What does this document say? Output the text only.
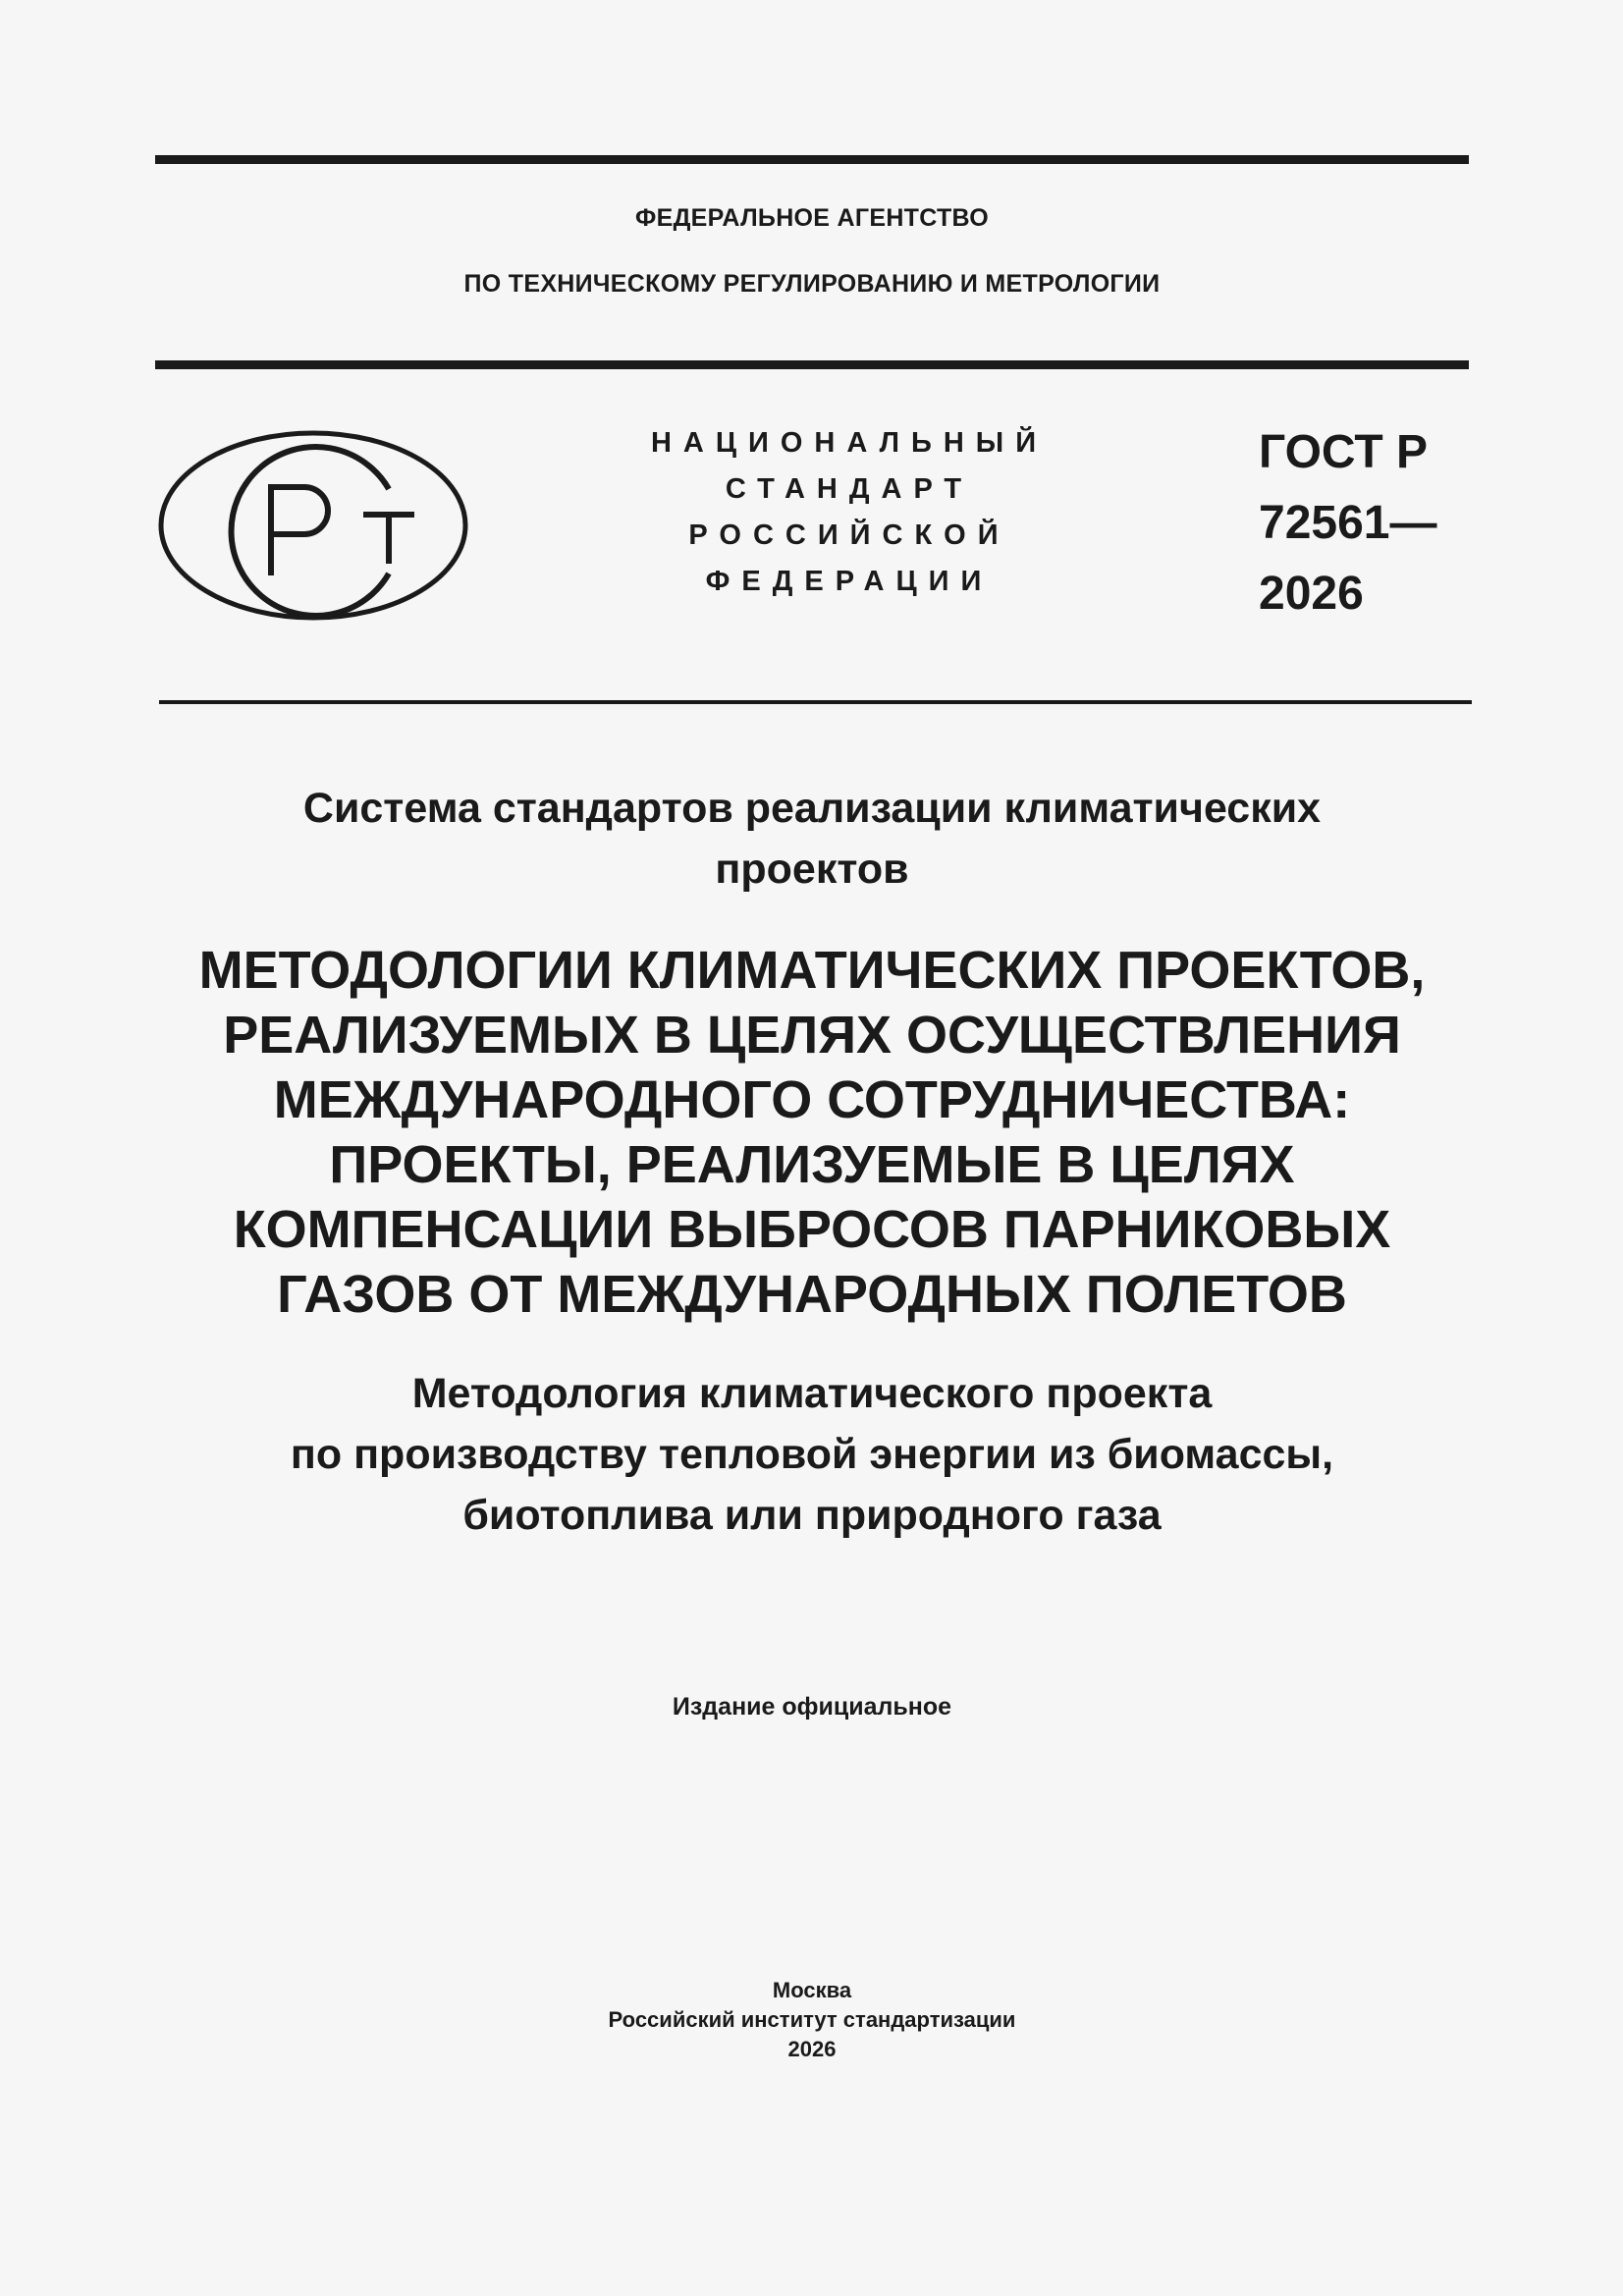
ФЕДЕРАЛЬНОЕ АГЕНТСТВО
ПО ТЕХНИЧЕСКОМУ РЕГУЛИРОВАНИЮ И МЕТРОЛОГИИ
НАЦИОНАЛЬНЫЙ
СТАНДАРТ
РОССИЙСКОЙ
ФЕДЕРАЦИИ
ГОСТ Р
72561—
2026
Система стандартов реализации климатических
проектов
МЕТОДОЛОГИИ КЛИМАТИЧЕСКИХ ПРОЕКТОВ,
РЕАЛИЗУЕМЫХ В ЦЕЛЯХ ОСУЩЕСТВЛЕНИЯ
МЕЖДУНАРОДНОГО СОТРУДНИЧЕСТВА:
ПРОЕКТЫ, РЕАЛИЗУЕМЫЕ В ЦЕЛЯХ
КОМПЕНСАЦИИ ВЫБРОСОВ ПАРНИКОВЫХ
ГАЗОВ ОТ МЕЖДУНАРОДНЫХ ПОЛЕТОВ
Методология климатического проекта
по производству тепловой энергии из биомассы,
биотоплива или природного газа
Издание официальное
Москва
Российский институт стандартизации
2026
